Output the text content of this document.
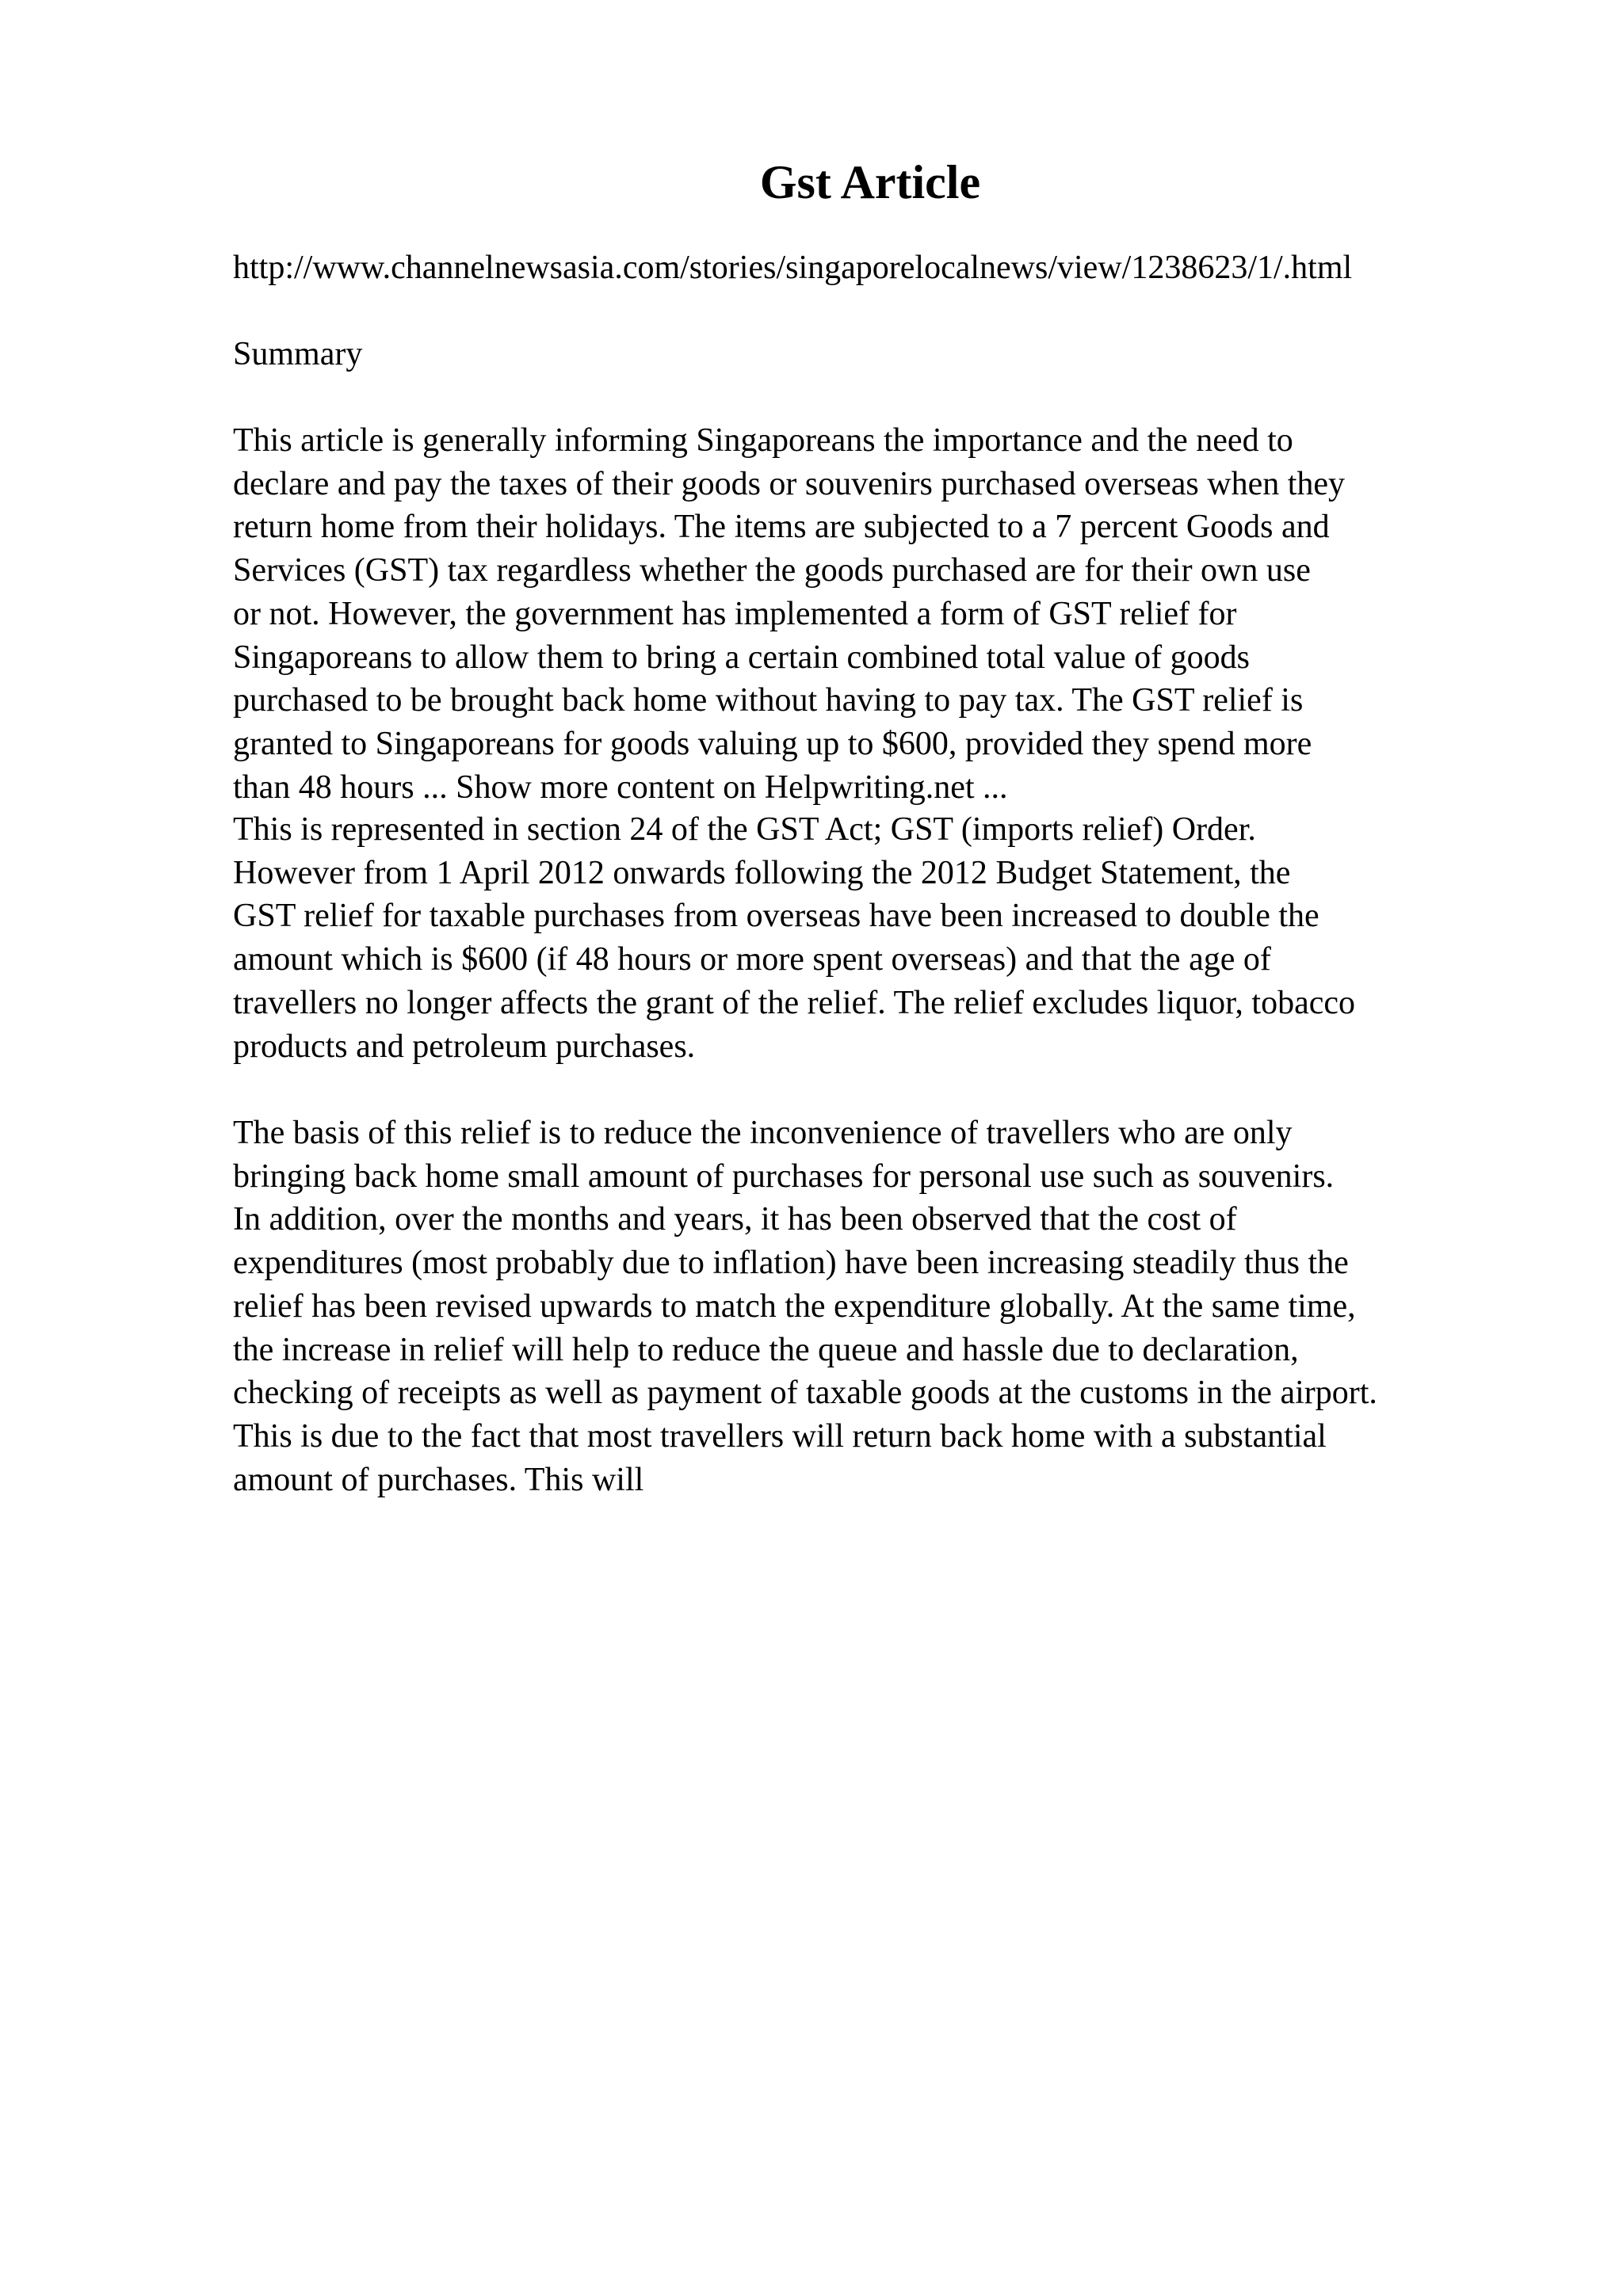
Gst Article

http://www.channelnewsasia.com/stories/singaporelocalnews/view/1238623/1/.html

Summary

This article is generally informing Singaporeans the importance and the need to
declare and pay the taxes of their goods or souvenirs purchased overseas when they
return home from their holidays. The items are subjected to a 7 percent Goods and
Services (GST) tax regardless whether the goods purchased are for their own use
or not. However, the government has implemented a form of GST relief for
Singaporeans to allow them to bring a certain combined total value of goods
purchased to be brought back home without having to pay tax. The GST relief is
granted to Singaporeans for goods valuing up to $600, provided they spend more
than 48 hours ... Show more content on Helpwriting.net ...

This is represented in section 24 of the GST Act; GST (imports relief) Order.
However from 1 April 2012 onwards following the 2012 Budget Statement, the
GST relief for taxable purchases from overseas have been increased to double the
amount which is $600 (if 48 hours or more spent overseas) and that the age of
travellers no longer affects the grant of the relief. The relief excludes liquor, tobacco
products and petroleum purchases.

The basis of this relief is to reduce the inconvenience of travellers who are only
bringing back home small amount of purchases for personal use such as souvenirs.
In addition, over the months and years, it has been observed that the cost of
expenditures (most probably due to inflation) have been increasing steadily thus the
relief has been revised upwards to match the expenditure globally. At the same time,
the increase in relief will help to reduce the queue and hassle due to declaration,
checking of receipts as well as payment of taxable goods at the customs in the airport.
This is due to the fact that most travellers will return back home with a substantial
amount of purchases. This will
